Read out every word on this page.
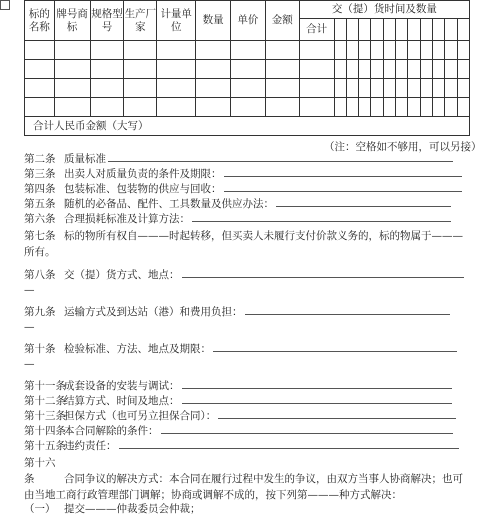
标的名称	牌号商标	规格型号	生产厂家	计量单位	数量	单价	金额	交（提）货时间及数量											
								合计											

合计人民币金额（大写）																			
（注：空格如不够用，可以另接）
第二条 质量标准
第三条 出卖人对质量负责的条件及期限：
第四条 包装标准、包装物的供应与回收：
第五条 随机的必备品、配件、工具数量及供应办法：
第六条 合理损耗标准及计算方法：
第七条 标的物所有权自———时起转移，但买卖人未履行支付价款义务的，标的物属于———所有。
第八条 交（提）货方式、地点：
—
第九条 运输方式及到达站（港）和费用负担：
—
第十条 检验标准、方法、地点及期限：
—
第十一条成套设备的安装与调试：
第十二条结算方式、时间及地点：
第十三条担保方式（也可另立担保合同）：
第十四条本合同解除的条件：
第十五条违约责任：
第十六条	合同争议的解决方式：本合同在履行过程中发生的争议，由双方当事人协商解决；也可由当地工商行政管理部门调解；协商或调解不成的，按下列第———种方式解决：
（一） 提交———仲裁委员会仲裁；
